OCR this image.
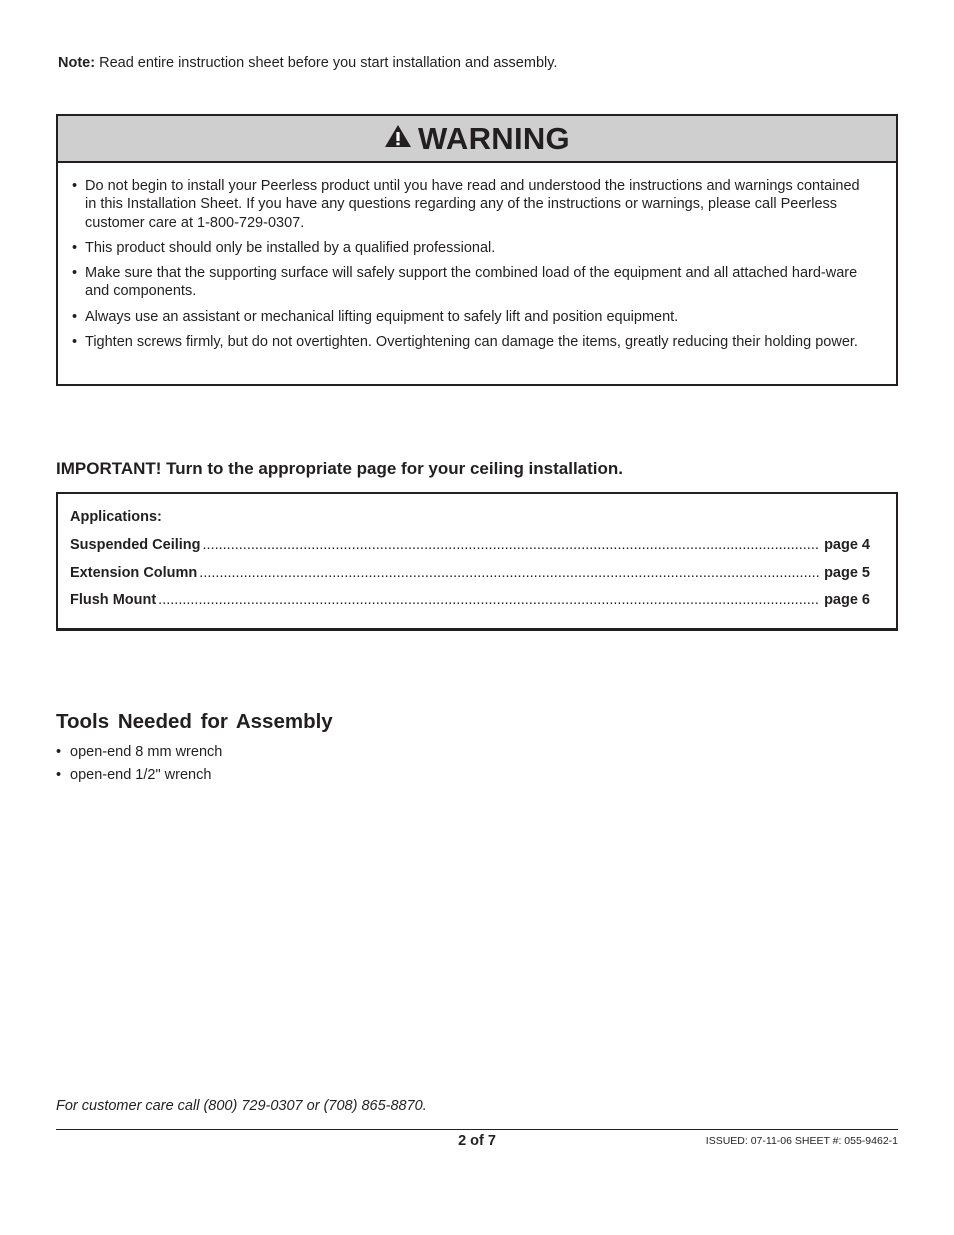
Note: Read entire instruction sheet before you start installation and assembly.
WARNING
• Do not begin to install your Peerless product until you have read and understood the instructions and warnings contained in this Installation Sheet. If you have any questions regarding any of the instructions or warnings, please call Peerless customer care at 1-800-729-0307.
• This product should only be installed by a qualified professional.
• Make sure that the supporting surface will safely support the combined load of the equipment and all attached hard-ware and components.
• Always use an assistant or mechanical lifting equipment to safely lift and position equipment.
• Tighten screws firmly, but do not overtighten. Overtightening can damage the items, greatly reducing their holding power.
IMPORTANT! Turn to the appropriate page for your ceiling installation.
Applications:
Suspended Ceiling .....	page 4
Extension Column .....	page 5
Flush Mount .....	page 6
Tools Needed for Assembly
• open-end 8 mm wrench
• open-end 1/2" wrench
For customer care call (800) 729-0307 or (708) 865-8870.
2 of 7	ISSUED: 07-11-06 SHEET #: 055-9462-1
